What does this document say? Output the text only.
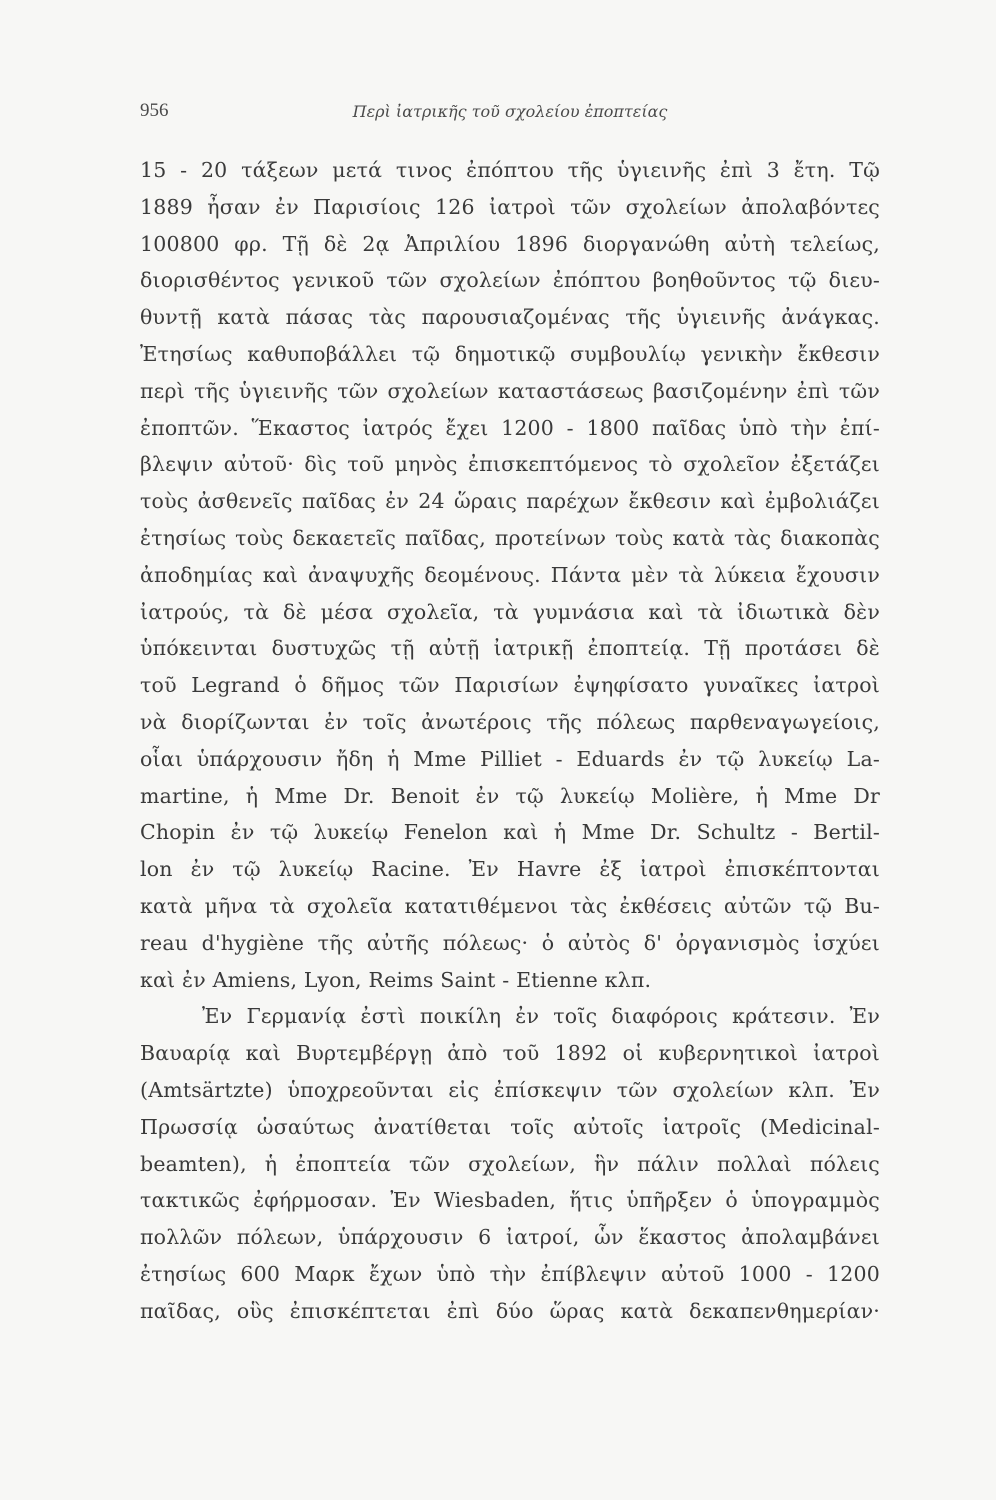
956	Περὶ ἰατρικῆς τοῦ σχολείου ἐποπτείας
15 - 20 τάξεων μετά τινος ἐπόπτου τῆς ὑγιεινῆς ἐπὶ 3 ἔτη. Τῷ
1889 ἦσαν ἐν Παρισίοις 126 ἰατροὶ τῶν σχολείων ἀπολαβόντες
100800 φρ. Τῇ δὲ 2ᾳ Ἀπριλίου 1896 διοργανώθη αὐτὴ τελείως,
διορισθέντος γενικοῦ τῶν σχολείων ἐπόπτου βοηθοῦντος τῷ διευ-
θυντῇ κατὰ πάσας τὰς παρουσιαζομένας τῆς ὑγιεινῆς ἀνάγκας.
Ἐτησίως καθυποβάλλει τῷ δημοτικῷ συμβουλίῳ γενικὴν ἔκθεσιν
περὶ τῆς ὑγιεινῆς τῶν σχολείων καταστάσεως βασιζομένην ἐπὶ τῶν
ἐποπτῶν. Ἕκαστος ἰατρός ἔχει 1200 - 1800 παῖδας ὑπὸ τὴν ἐπί-
βλεψιν αὐτοῦ· δὶς τοῦ μηνὸς ἐπισκεπτόμενος τὸ σχολεῖον ἐξετάζει
τοὺς ἀσθενεῖς παῖδας ἐν 24 ὥραις παρέχων ἔκθεσιν καὶ ἐμβολιάζει
ἐτησίως τοὺς δεκαετεῖς παῖδας, προτείνων τοὺς κατὰ τὰς διακοπὰς
ἀποδημίας καὶ ἀναψυχῆς δεομένους. Πάντα μὲν τὰ λύκεια ἔχουσιν
ἰατρούς, τὰ δὲ μέσα σχολεῖα, τὰ γυμνάσια καὶ τὰ ἰδιωτικὰ δὲν
ὑπόκεινται δυστυχῶς τῇ αὐτῇ ἰατρικῇ ἐποπτείᾳ. Τῇ προτάσει δὲ
τοῦ Legrand ὁ δῆμος τῶν Παρισίων ἐψηφίσατο γυναῖκες ἰατροὶ
νὰ διορίζωνται ἐν τοῖς ἀνωτέροις τῆς πόλεως παρθεναγωγείοις,
οἷαι ὑπάρχουσιν ἤδη ἡ Mme Pilliet - Eduards ἐν τῷ λυκείῳ La-
martine, ἡ Mme Dr. Benoit ἐν τῷ λυκείῳ Molière, ἡ Mme Dr
Chopin ἐν τῷ λυκείῳ Fenelon καὶ ἡ Mme Dr. Schultz - Bertil-
lon ἐν τῷ λυκείῳ Racine. Ἐν Havre ἐξ ἰατροὶ ἐπισκέπτονται
κατὰ μῆνα τὰ σχολεῖα κατατιθέμενοι τὰς ἐκθέσεις αὐτῶν τῷ Bu-
reau d'hygiène τῆς αὐτῆς πόλεως· ὁ αὐτὸς δ' ὀργανισμὸς ἰσχύει
καὶ ἐν Amiens, Lyon, Reims Saint - Etienne κλπ.
Ἐν Γερμανίᾳ ἐστὶ ποικίλη ἐν τοῖς διαφόροις κράτεσιν. Ἐν
Βαυαρίᾳ καὶ Βυρτεμβέργῃ ἀπὸ τοῦ 1892 οἱ κυβερνητικοὶ ἰατροὶ
(Amtsärtzte) ὑποχρεοῦνται εἰς ἐπίσκεψιν τῶν σχολείων κλπ. Ἐν
Πρωσσίᾳ ὡσαύτως ἀνατίθεται τοῖς αὐτοῖς ἰατροῖς (Medicinal-
beamten), ἡ ἐποπτεία τῶν σχολείων, ἣν πάλιν πολλαὶ πόλεις
τακτικῶς ἐφήρμοσαν. Ἐν Wiesbaden, ἥτις ὑπῆρξεν ὁ ὑπογραμμὸς
πολλῶν πόλεων, ὑπάρχουσιν 6 ἰατροί, ὧν ἕκαστος ἀπολαμβάνει
ἐτησίως 600 Μαρκ ἔχων ὑπὸ τὴν ἐπίβλεψιν αὐτοῦ 1000 - 1200
παῖδας, οὓς ἐπισκέπτεται ἐπὶ δύο ὥρας κατὰ δεκαπενθημερίαν·
